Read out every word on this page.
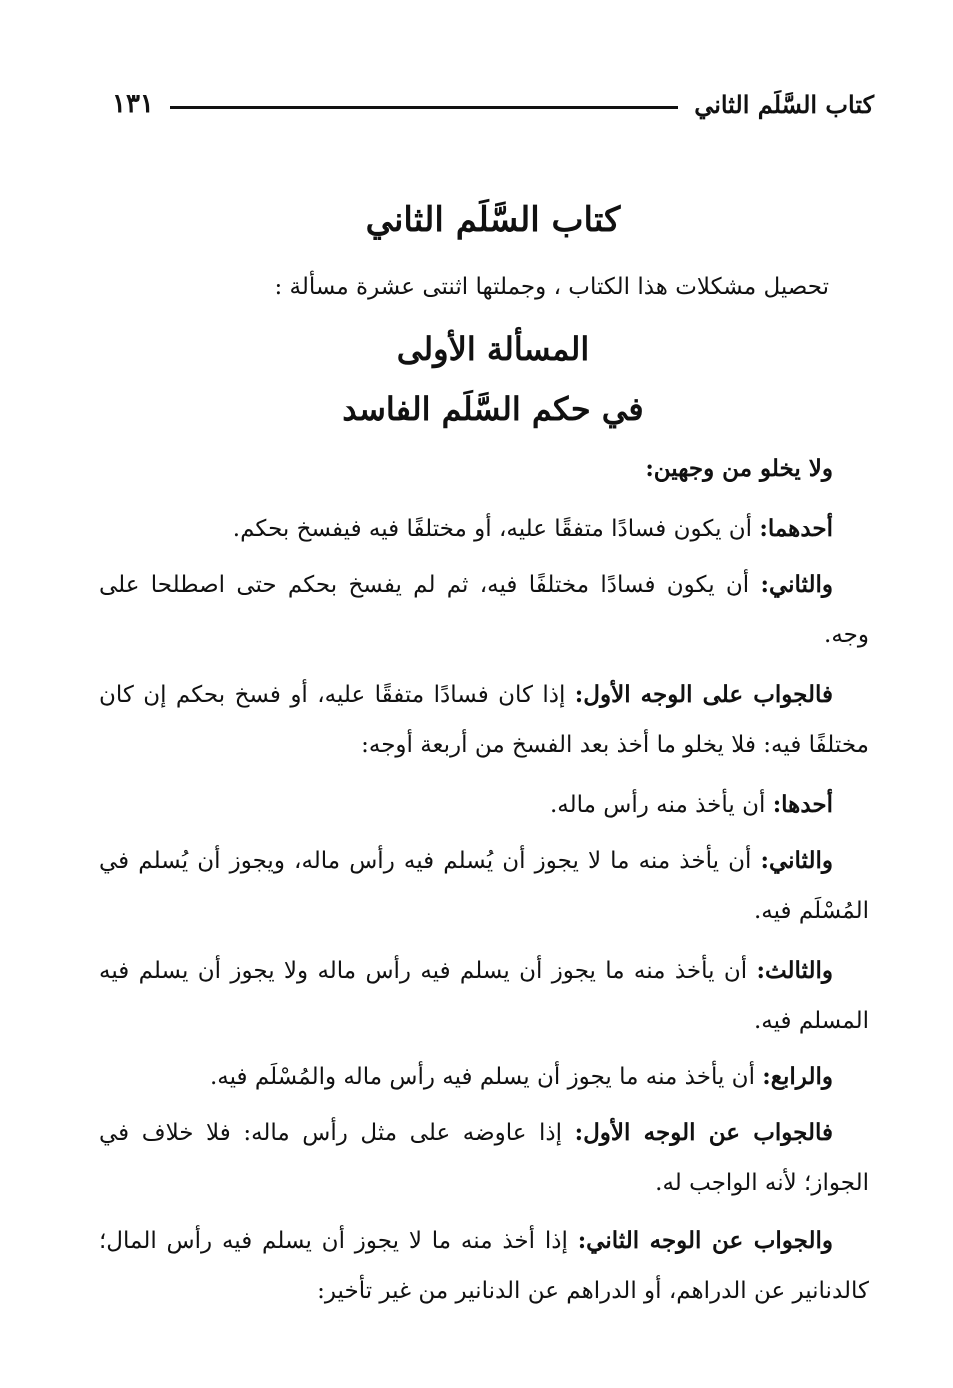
كتاب السَّلَم الثاني
١٣١
كتاب السَّلَم الثاني
تحصيل مشكلات هذا الكتاب ، وجملتها اثنتى عشرة مسألة :
المسألة الأولى
في حكم السَّلَم الفاسد
ولا يخلو من وجهين:
أحدهما: أن يكون فسادًا متفقًا عليه، أو مختلفًا فيه فيفسخ بحكم.
والثاني: أن يكون فسادًا مختلفًا فيه، ثم لم يفسخ بحكم حتى اصطلحا على وجه.
فالجواب على الوجه الأول: إذا كان فسادًا متفقًا عليه، أو فسخ بحكم إن كان مختلفًا فيه: فلا يخلو ما أخذ بعد الفسخ من أربعة أوجه:
أحدها: أن يأخذ منه رأس ماله.
والثاني: أن يأخذ منه ما لا يجوز أن يُسلم فيه رأس ماله، ويجوز أن يُسلم في المُسْلَم فيه.
والثالث: أن يأخذ منه ما يجوز أن يسلم فيه رأس ماله ولا يجوز أن يسلم فيه المسلم فيه.
والرابع: أن يأخذ منه ما يجوز أن يسلم فيه رأس ماله والمُسْلَم فيه.
فالجواب عن الوجه الأول: إذا عاوضه على مثل رأس ماله: فلا خلاف في الجواز؛ لأنه الواجب له.
والجواب عن الوجه الثاني: إذا أخذ منه ما لا يجوز أن يسلم فيه رأس المال؛ كالدنانير عن الدراهم، أو الدراهم عن الدنانير من غير تأخير:
